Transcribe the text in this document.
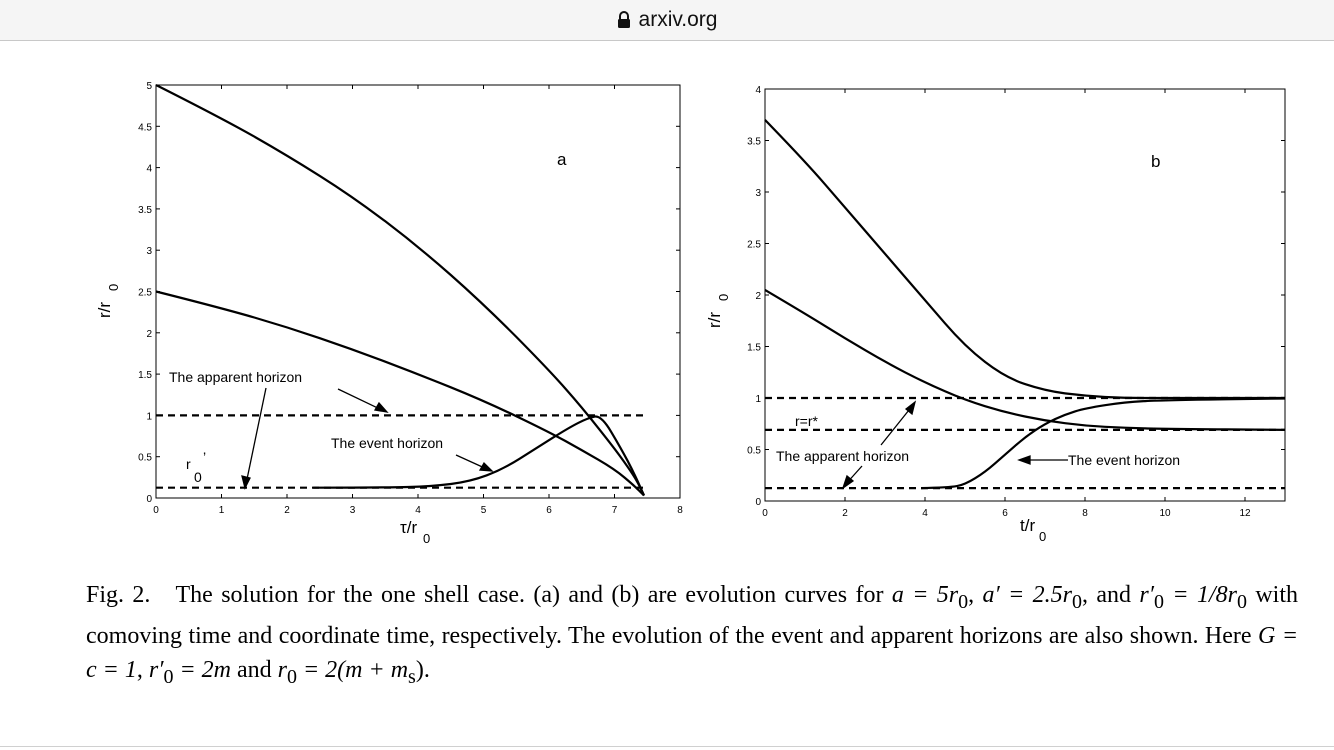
arxiv.org
0	1	2	3	4	5	6	7	8
0
0.5
1
1.5
2
2.5
3
3.5
4
4.5
5
a
τ/r
0
r/r
0
The apparent horizon
The event horizon
r ’
0
0	2	4	6	8	10	12
0
0.5
1
1.5
2
2.5
3
3.5
4
b
t/r
0
r/r
0
r=r*
The apparent horizon	The event horizon
Fig. 2. The solution for the one shell case. (a) and (b) are evolution curves for $a = 5r_0$, $a' = 2.5r_0$, and $r'_0 = 1/8r_0$ with comoving time and coordinate time, respectively. The evolution of the event and apparent horizons are also shown. Here G = c = 1, $r'_0 = 2m$ and $r_0 = 2(m + m_s)$.
